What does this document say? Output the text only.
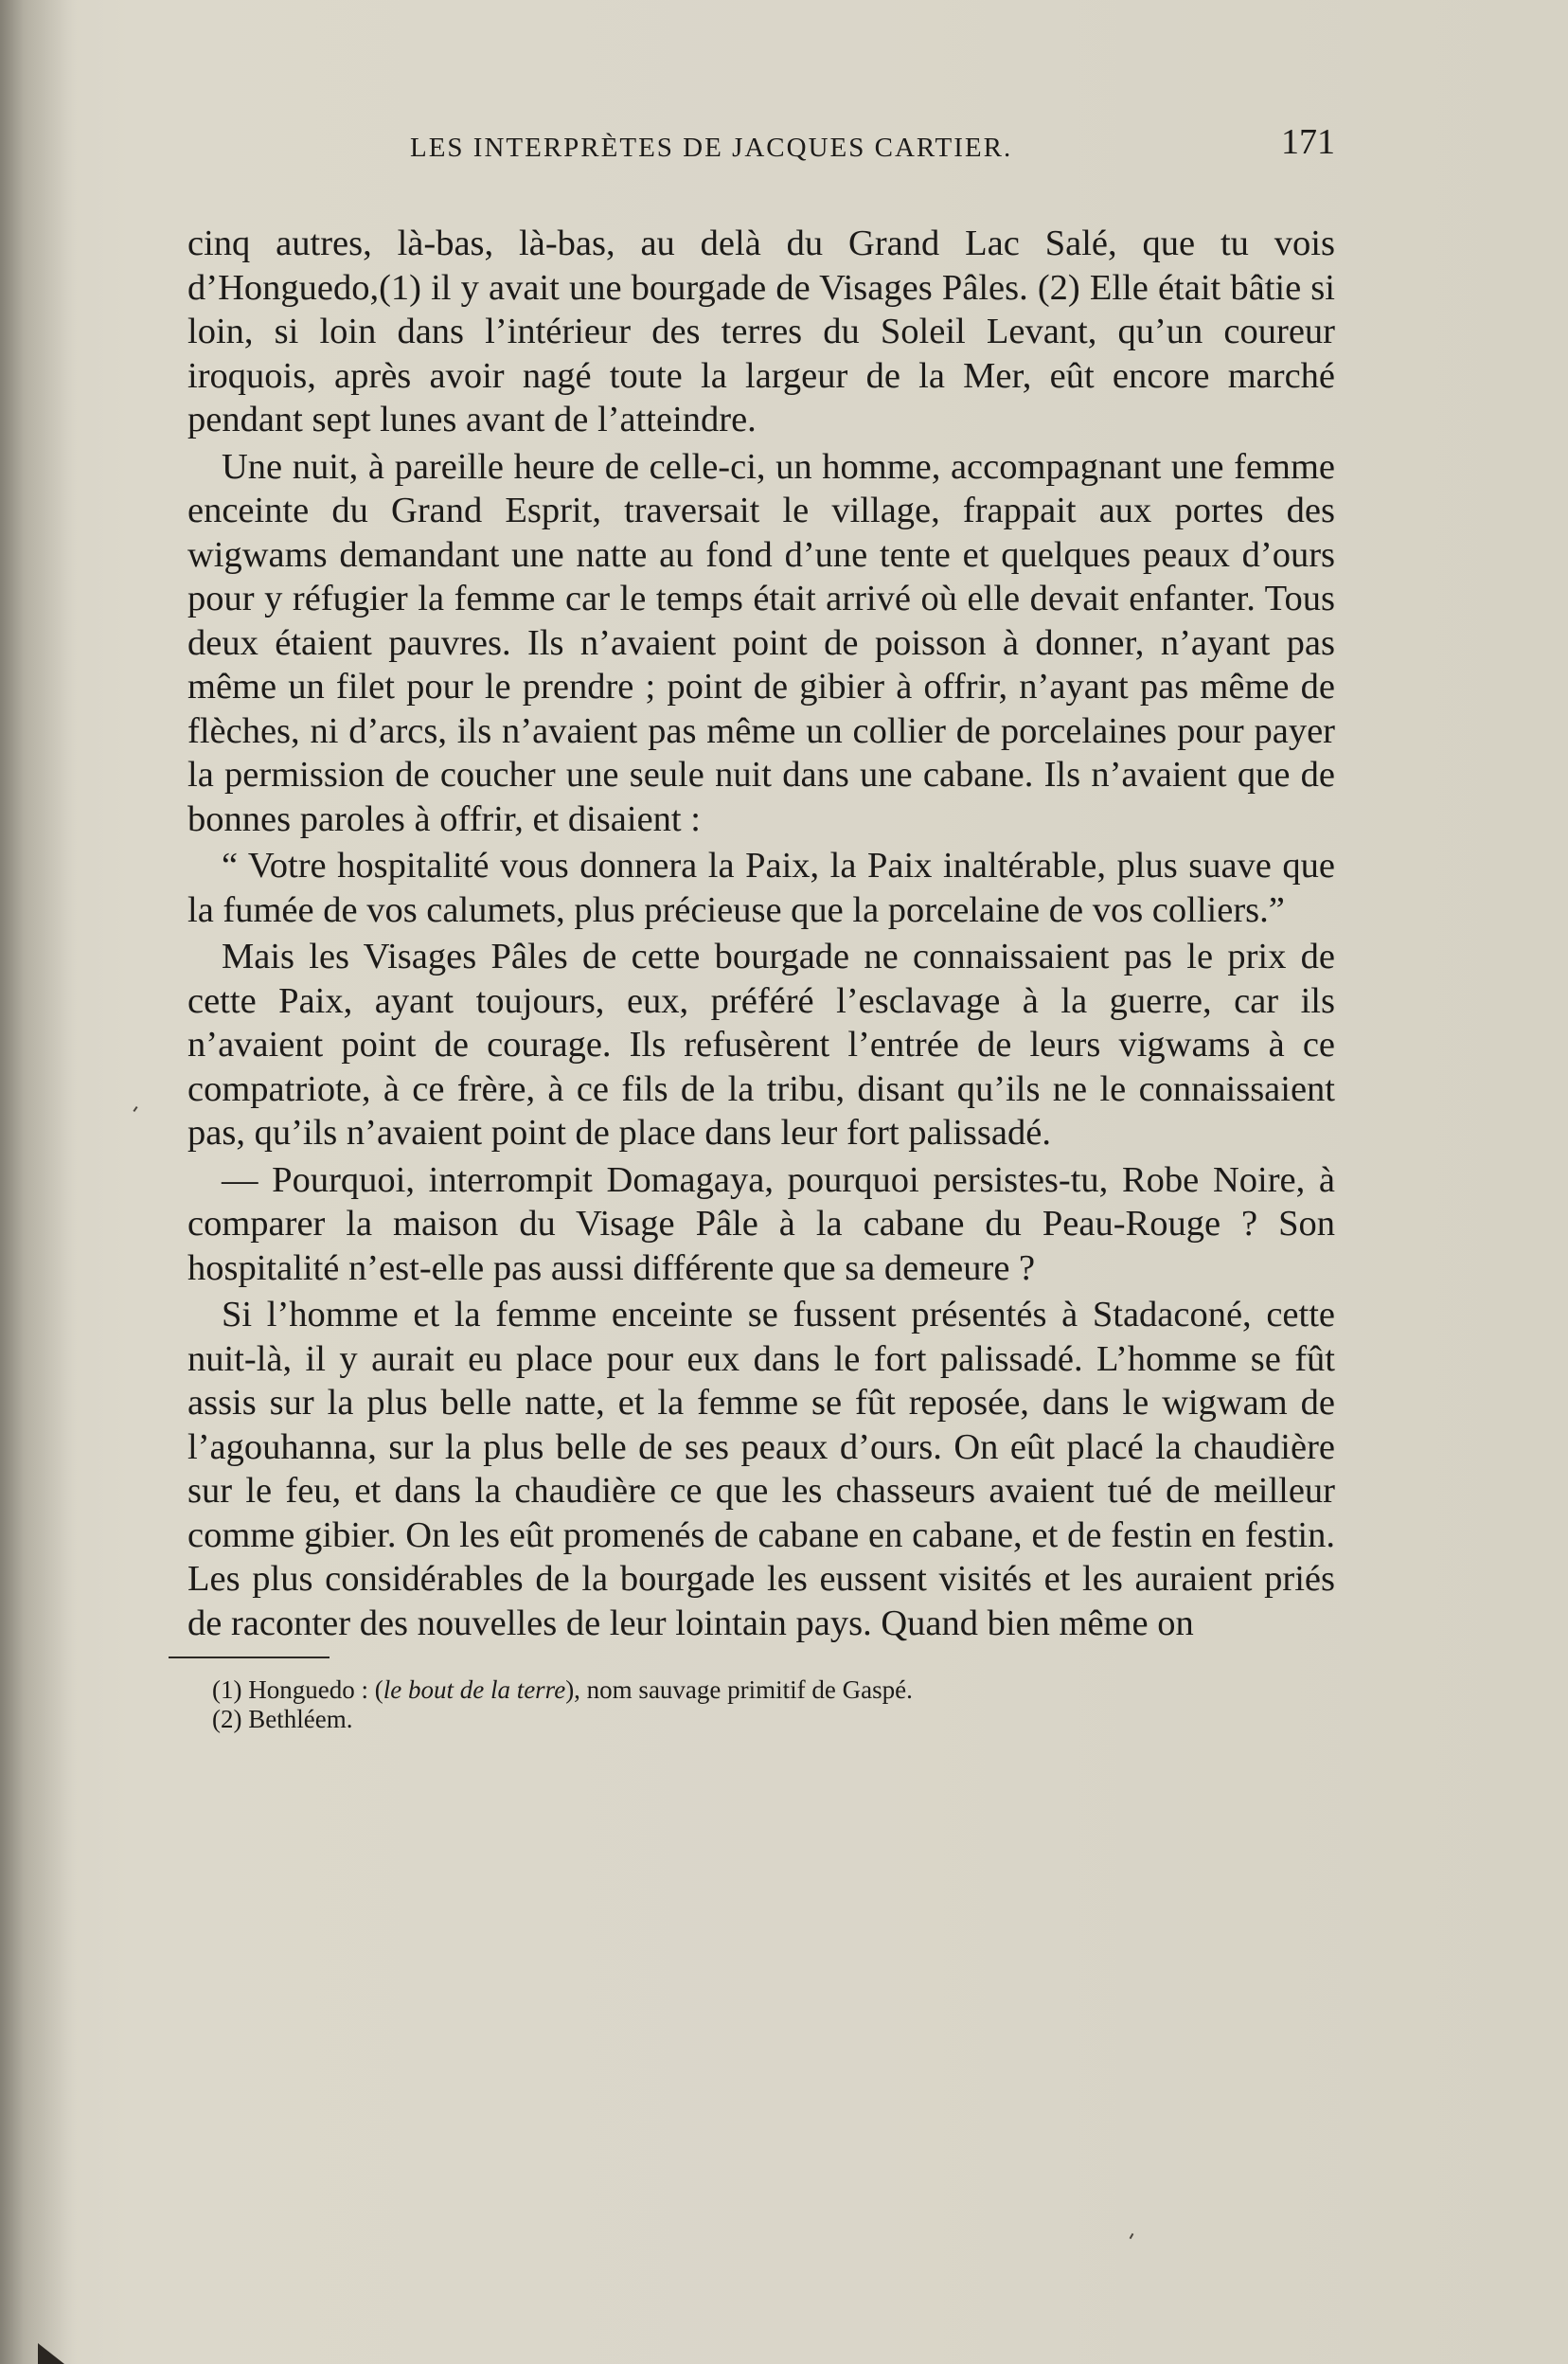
LES INTERPRÈTES DE JACQUES CARTIER.	171

cinq autres, là-bas, là-bas, au delà du Grand Lac Salé, que tu vois d’Honguedo,(1) il y avait une bourgade de Visages Pâles. (2) Elle était bâtie si loin, si loin dans l’intérieur des terres du Soleil Levant, qu’un coureur iroquois, après avoir nagé toute la largeur de la Mer, eût encore marché pendant sept lunes avant de l’atteindre.

Une nuit, à pareille heure de celle-ci, un homme, accompagnant une femme enceinte du Grand Esprit, traversait le village, frappait aux portes des wigwams demandant une natte au fond d’une tente et quelques peaux d’ours pour y réfugier la femme car le temps était arrivé où elle devait enfanter. Tous deux étaient pauvres. Ils n’avaient point de poisson à donner, n’ayant pas même un filet pour le prendre ; point de gibier à offrir, n’ayant pas même de flèches, ni d’arcs, ils n’avaient pas même un collier de porcelaines pour payer la permission de coucher une seule nuit dans une cabane. Ils n’avaient que de bonnes paroles à offrir, et disaient :

“ Votre hospitalité vous donnera la Paix, la Paix inaltérable, plus suave que la fumée de vos calumets, plus précieuse que la porcelaine de vos colliers.”

Mais les Visages Pâles de cette bourgade ne connaissaient pas le prix de cette Paix, ayant toujours, eux, préféré l’esclavage à la guerre, car ils n’avaient point de courage. Ils refusèrent l’entrée de leurs vigwams à ce compatriote, à ce frère, à ce fils de la tribu, disant qu’ils ne le connaissaient pas, qu’ils n’avaient point de place dans leur fort palissadé.

— Pourquoi, interrompit Domagaya, pourquoi persistes-tu, Robe Noire, à comparer la maison du Visage Pâle à la cabane du Peau-Rouge ? Son hospitalité n’est-elle pas aussi différente que sa demeure ?

Si l’homme et la femme enceinte se fussent présentés à Stadaconé, cette nuit-là, il y aurait eu place pour eux dans le fort palissadé. L’homme se fût assis sur la plus belle natte, et la femme se fût reposée, dans le wigwam de l’agouhanna, sur la plus belle de ses peaux d’ours. On eût placé la chaudière sur le feu, et dans la chaudière ce que les chasseurs avaient tué de meilleur comme gibier. On les eût promenés de cabane en cabane, et de festin en festin. Les plus considérables de la bourgade les eussent visités et les auraient priés de raconter des nouvelles de leur lointain pays. Quand bien même on

(1) Honguedo : (le bout de la terre), nom sauvage primitif de Gaspé.

(2) Bethléem.
